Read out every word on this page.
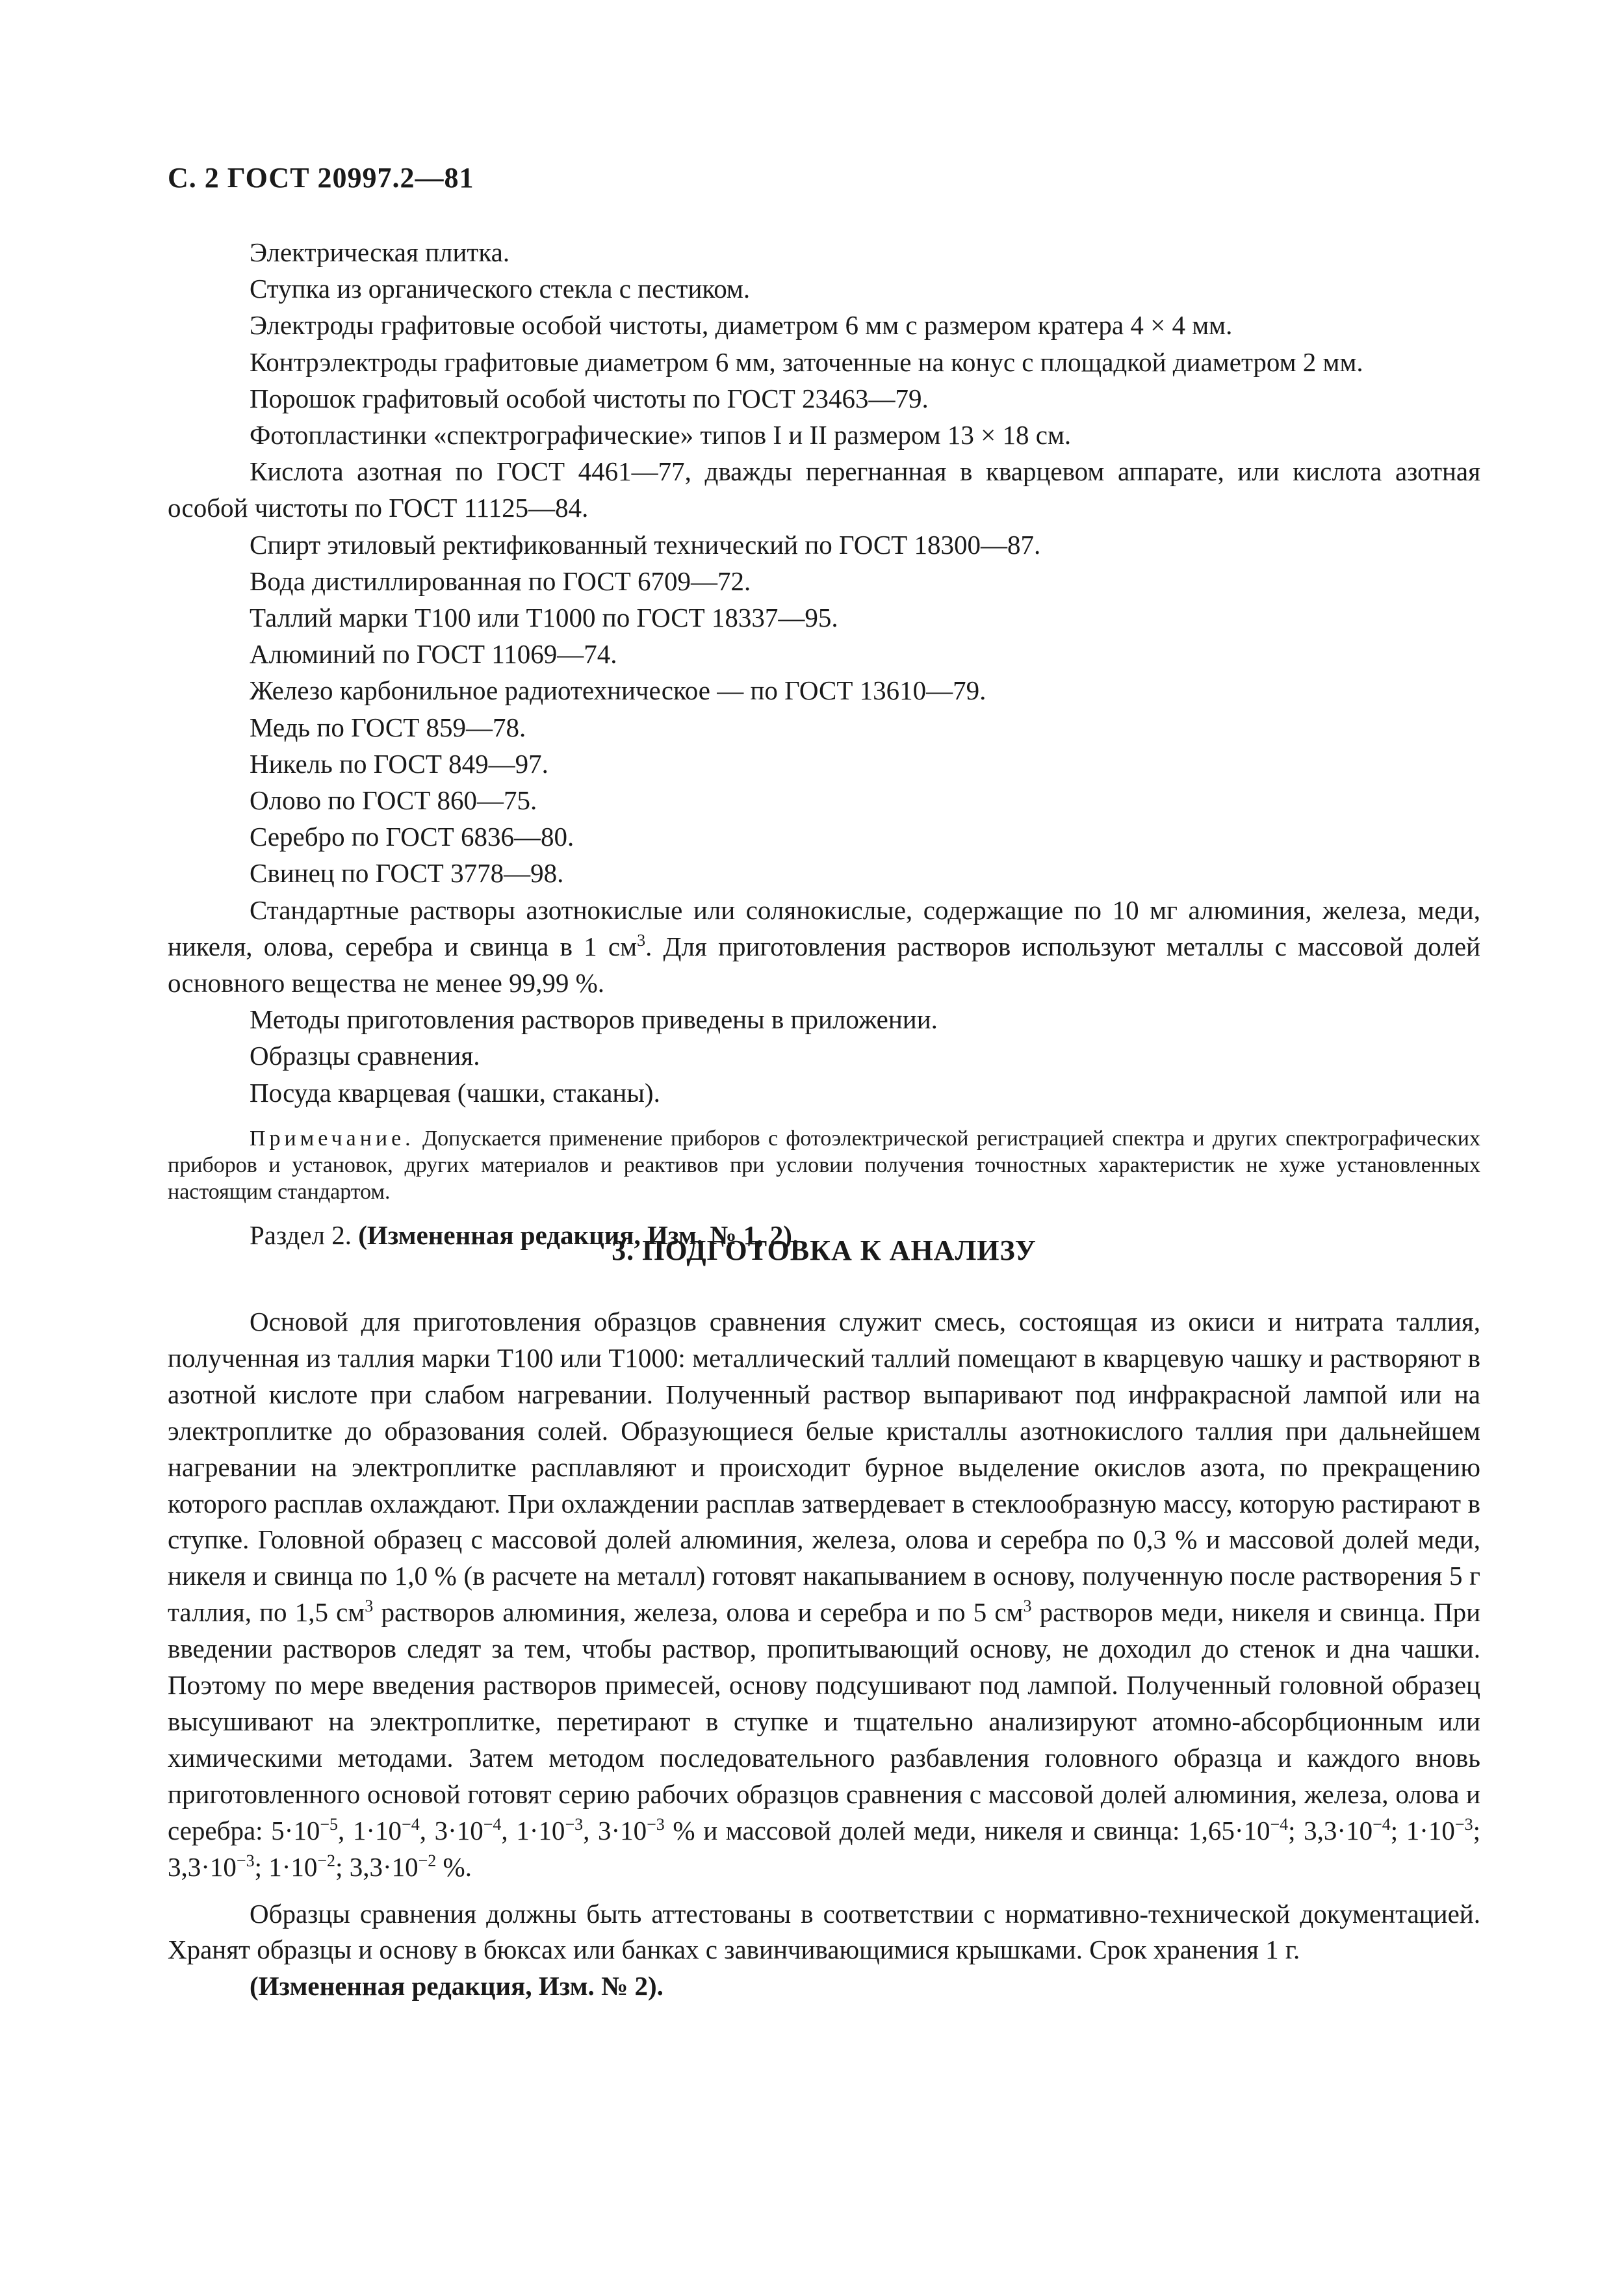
С. 2 ГОСТ 20997.2—81

Электрическая плитка.

Ступка из органического стекла с пестиком.

Электроды графитовые особой чистоты, диаметром 6 мм с размером кратера 4 × 4 мм.

Контрэлектроды графитовые диаметром 6 мм, заточенные на конус с площадкой диаметром 2 мм.

Порошок графитовый особой чистоты по ГОСТ 23463—79.

Фотопластинки «спектрографические» типов I и II размером 13 × 18 см.

Кислота азотная по ГОСТ 4461—77, дважды перегнанная в кварцевом аппарате, или кислота азотная особой чистоты по ГОСТ 11125—84.

Спирт этиловый ректификованный технический по ГОСТ 18300—87.

Вода дистиллированная по ГОСТ 6709—72.

Таллий марки Т100 или Т1000 по ГОСТ 18337—95.

Алюминий по ГОСТ 11069—74.

Железо карбонильное радиотехническое — по ГОСТ 13610—79.

Медь по ГОСТ 859—78.

Никель по ГОСТ 849—97.

Олово по ГОСТ 860—75.

Серебро по ГОСТ 6836—80.

Свинец по ГОСТ 3778—98.

Стандартные растворы азотнокислые или солянокислые, содержащие по 10 мг алюминия, железа, меди, никеля, олова, серебра и свинца в 1 $см^3$. Для приготовления растворов используют металлы с массовой долей основного вещества не менее 99,99 %.

Методы приготовления растворов приведены в приложении.

Образцы сравнения.

Посуда кварцевая (чашки, стаканы).

Примечание. Допускается применение приборов с фотоэлектрической регистрацией спектра и других спектрографических приборов и установок, других материалов и реактивов при условии получения точностных характеристик не хуже установленных настоящим стандартом.

Раздел 2. (Измененная редакция, Изм. № 1, 2).

3. ПОДГОТОВКА К АНАЛИЗУ

Основой для приготовления образцов сравнения служит смесь, состоящая из окиси и нитрата таллия, полученная из таллия марки Т100 или Т1000: металлический таллий помещают в кварцевую чашку и растворяют в азотной кислоте при слабом нагревании. Полученный раствор выпаривают под инфракрасной лампой или на электроплитке до образования солей. Образующиеся белые кристаллы азотнокислого таллия при дальнейшем нагревании на электроплитке расплавляют и происходит бурное выделение окислов азота, по прекращению которого расплав охлаждают. При охлаждении расплав затвердевает в стеклообразную массу, которую растирают в ступке. Головной образец с массовой долей алюминия, железа, олова и серебра по 0,3 % и массовой долей меди, никеля и свинца по 1,0 % (в расчете на металл) готовят накапыванием в основу, полученную после растворения 5 г таллия, по 1,5 $см^3$ растворов алюминия, железа, олова и серебра и по 5 $см^3$ растворов меди, никеля и свинца. При введении растворов следят за тем, чтобы раствор, пропитывающий основу, не доходил до стенок и дна чашки. Поэтому по мере введения растворов примесей, основу подсушивают под лампой. Полученный головной образец высушивают на электроплитке, перетирают в ступке и тщательно анализируют атомно-абсорбционным или химическими методами. Затем методом последовательного разбавления головного образца и каждого вновь приготовленного основой готовят серию рабочих образцов сравнения с массовой долей алюминия, железа, олова и серебра: $5\cdot 10^{-5}$, $1\cdot 10^{-4}$, $3\cdot 10^{-4}$, $1\cdot 10^{-3}$, $3\cdot 10^{-3}$ % и массовой долей меди, никеля и свинца: $1,65\cdot 10^{-4}$; $3,3\cdot 10^{-4}$; $1\cdot 10^{-3}$; $3,3\cdot 10^{-3}$; $1\cdot 10^{-2}$; $3,3\cdot 10^{-2}$ %.

Образцы сравнения должны быть аттестованы в соответствии с нормативно-технической документацией. Хранят образцы и основу в бюксах или банках с завинчивающимися крышками. Срок хранения 1 г.

(Измененная редакция, Изм. № 2).
